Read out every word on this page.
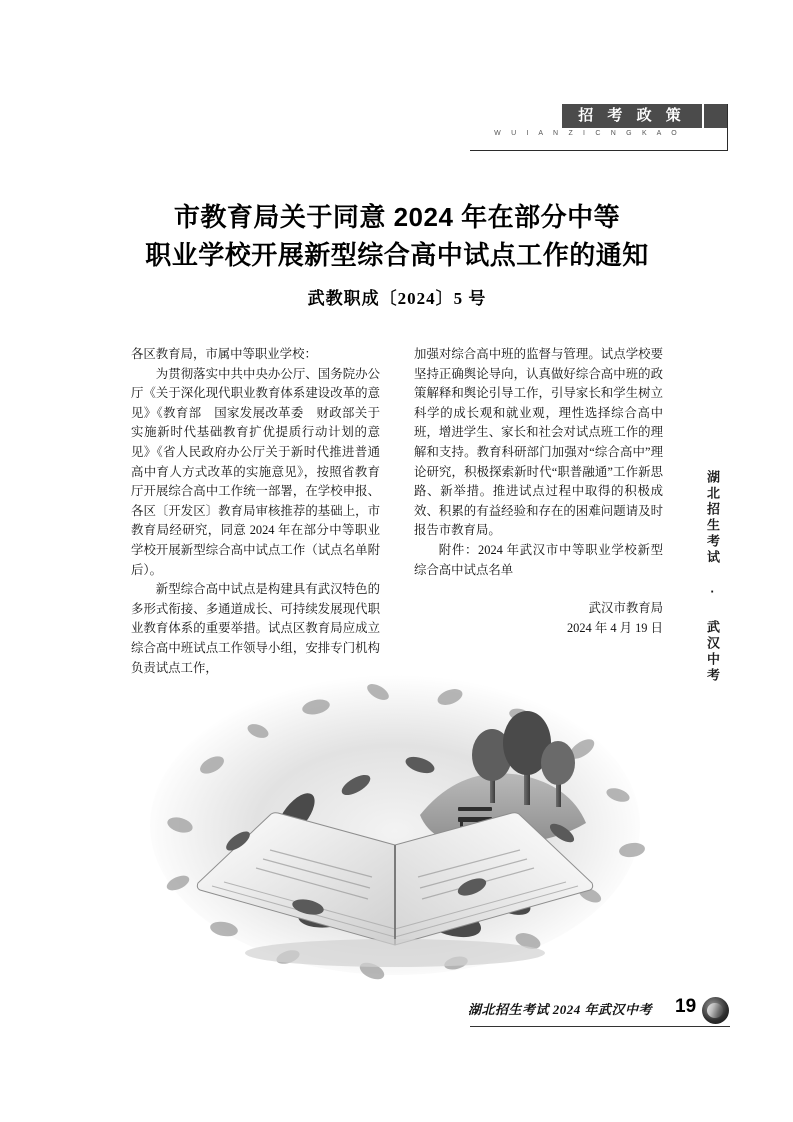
招 考 政 策
W U I A N Z I C N G K A O
市教育局关于同意 2024 年在部分中等
职业学校开展新型综合高中试点工作的通知
武教职成〔2024〕5 号

各区教育局，市属中等职业学校：

为贯彻落实中共中央办公厅、国务院办公厅《关于深化现代职业教育体系建设改革的意见》《教育部　国家发展改革委　财政部关于实施新时代基础教育扩优提质行动计划的意见》《省人民政府办公厅关于新时代推进普通高中育人方式改革的实施意见》，按照省教育厅开展综合高中工作统一部署，在学校申报、各区〔开发区〕教育局审核推荐的基础上，市教育局经研究，同意 2024 年在部分中等职业学校开展新型综合高中试点工作（试点名单附后）。

新型综合高中试点是构建具有武汉特色的多形式衔接、多通道成长、可持续发展现代职业教育体系的重要举措。试点区教育局应成立综合高中班试点工作领导小组，安排专门机构负责试点工作，

加强对综合高中班的监督与管理。试点学校要坚持正确舆论导向，认真做好综合高中班的政策解释和舆论引导工作，引导家长和学生树立科学的成长观和就业观，理性选择综合高中班，增进学生、家长和社会对试点班工作的理解和支持。教育科研部门加强对“综合高中”理论研究，积极探索新时代“职普融通”工作新思路、新举措。推进试点过程中取得的积极成效、积累的有益经验和存在的困难问题请及时报告市教育局。

附件：2024 年武汉市中等职业学校新型综合高中试点名单

武汉市教育局

2024 年 4 月 19 日	湖北招生考试 · 武汉中考
湖北招生考试 2024 年武汉中考 19
